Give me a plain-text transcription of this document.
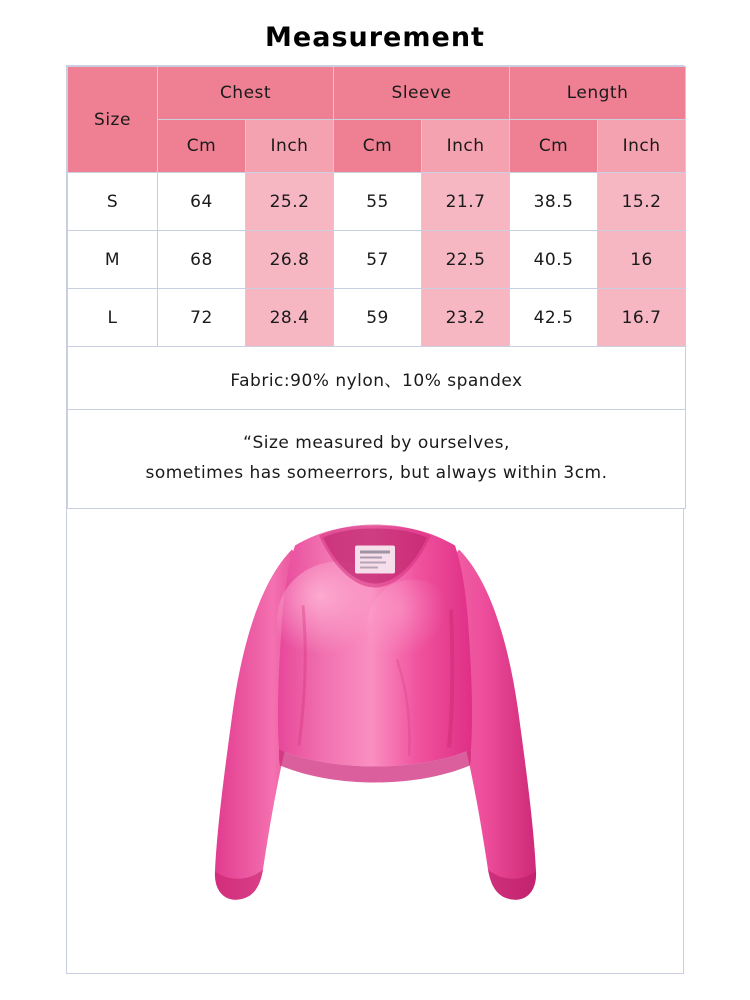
Measurement
Size	Chest		Sleeve		Length	
	Cm	Inch	Cm	Inch	Cm	Inch
S	64	25.2	55	21.7	38.5	15.2
M	68	26.8	57	22.5	40.5	16
L	72	28.4	59	23.2	42.5	16.7
Fabric:90% nylon、10% spandex						

“Size measured by ourselves,
sometimes has someerrors, but always within 3cm.						
